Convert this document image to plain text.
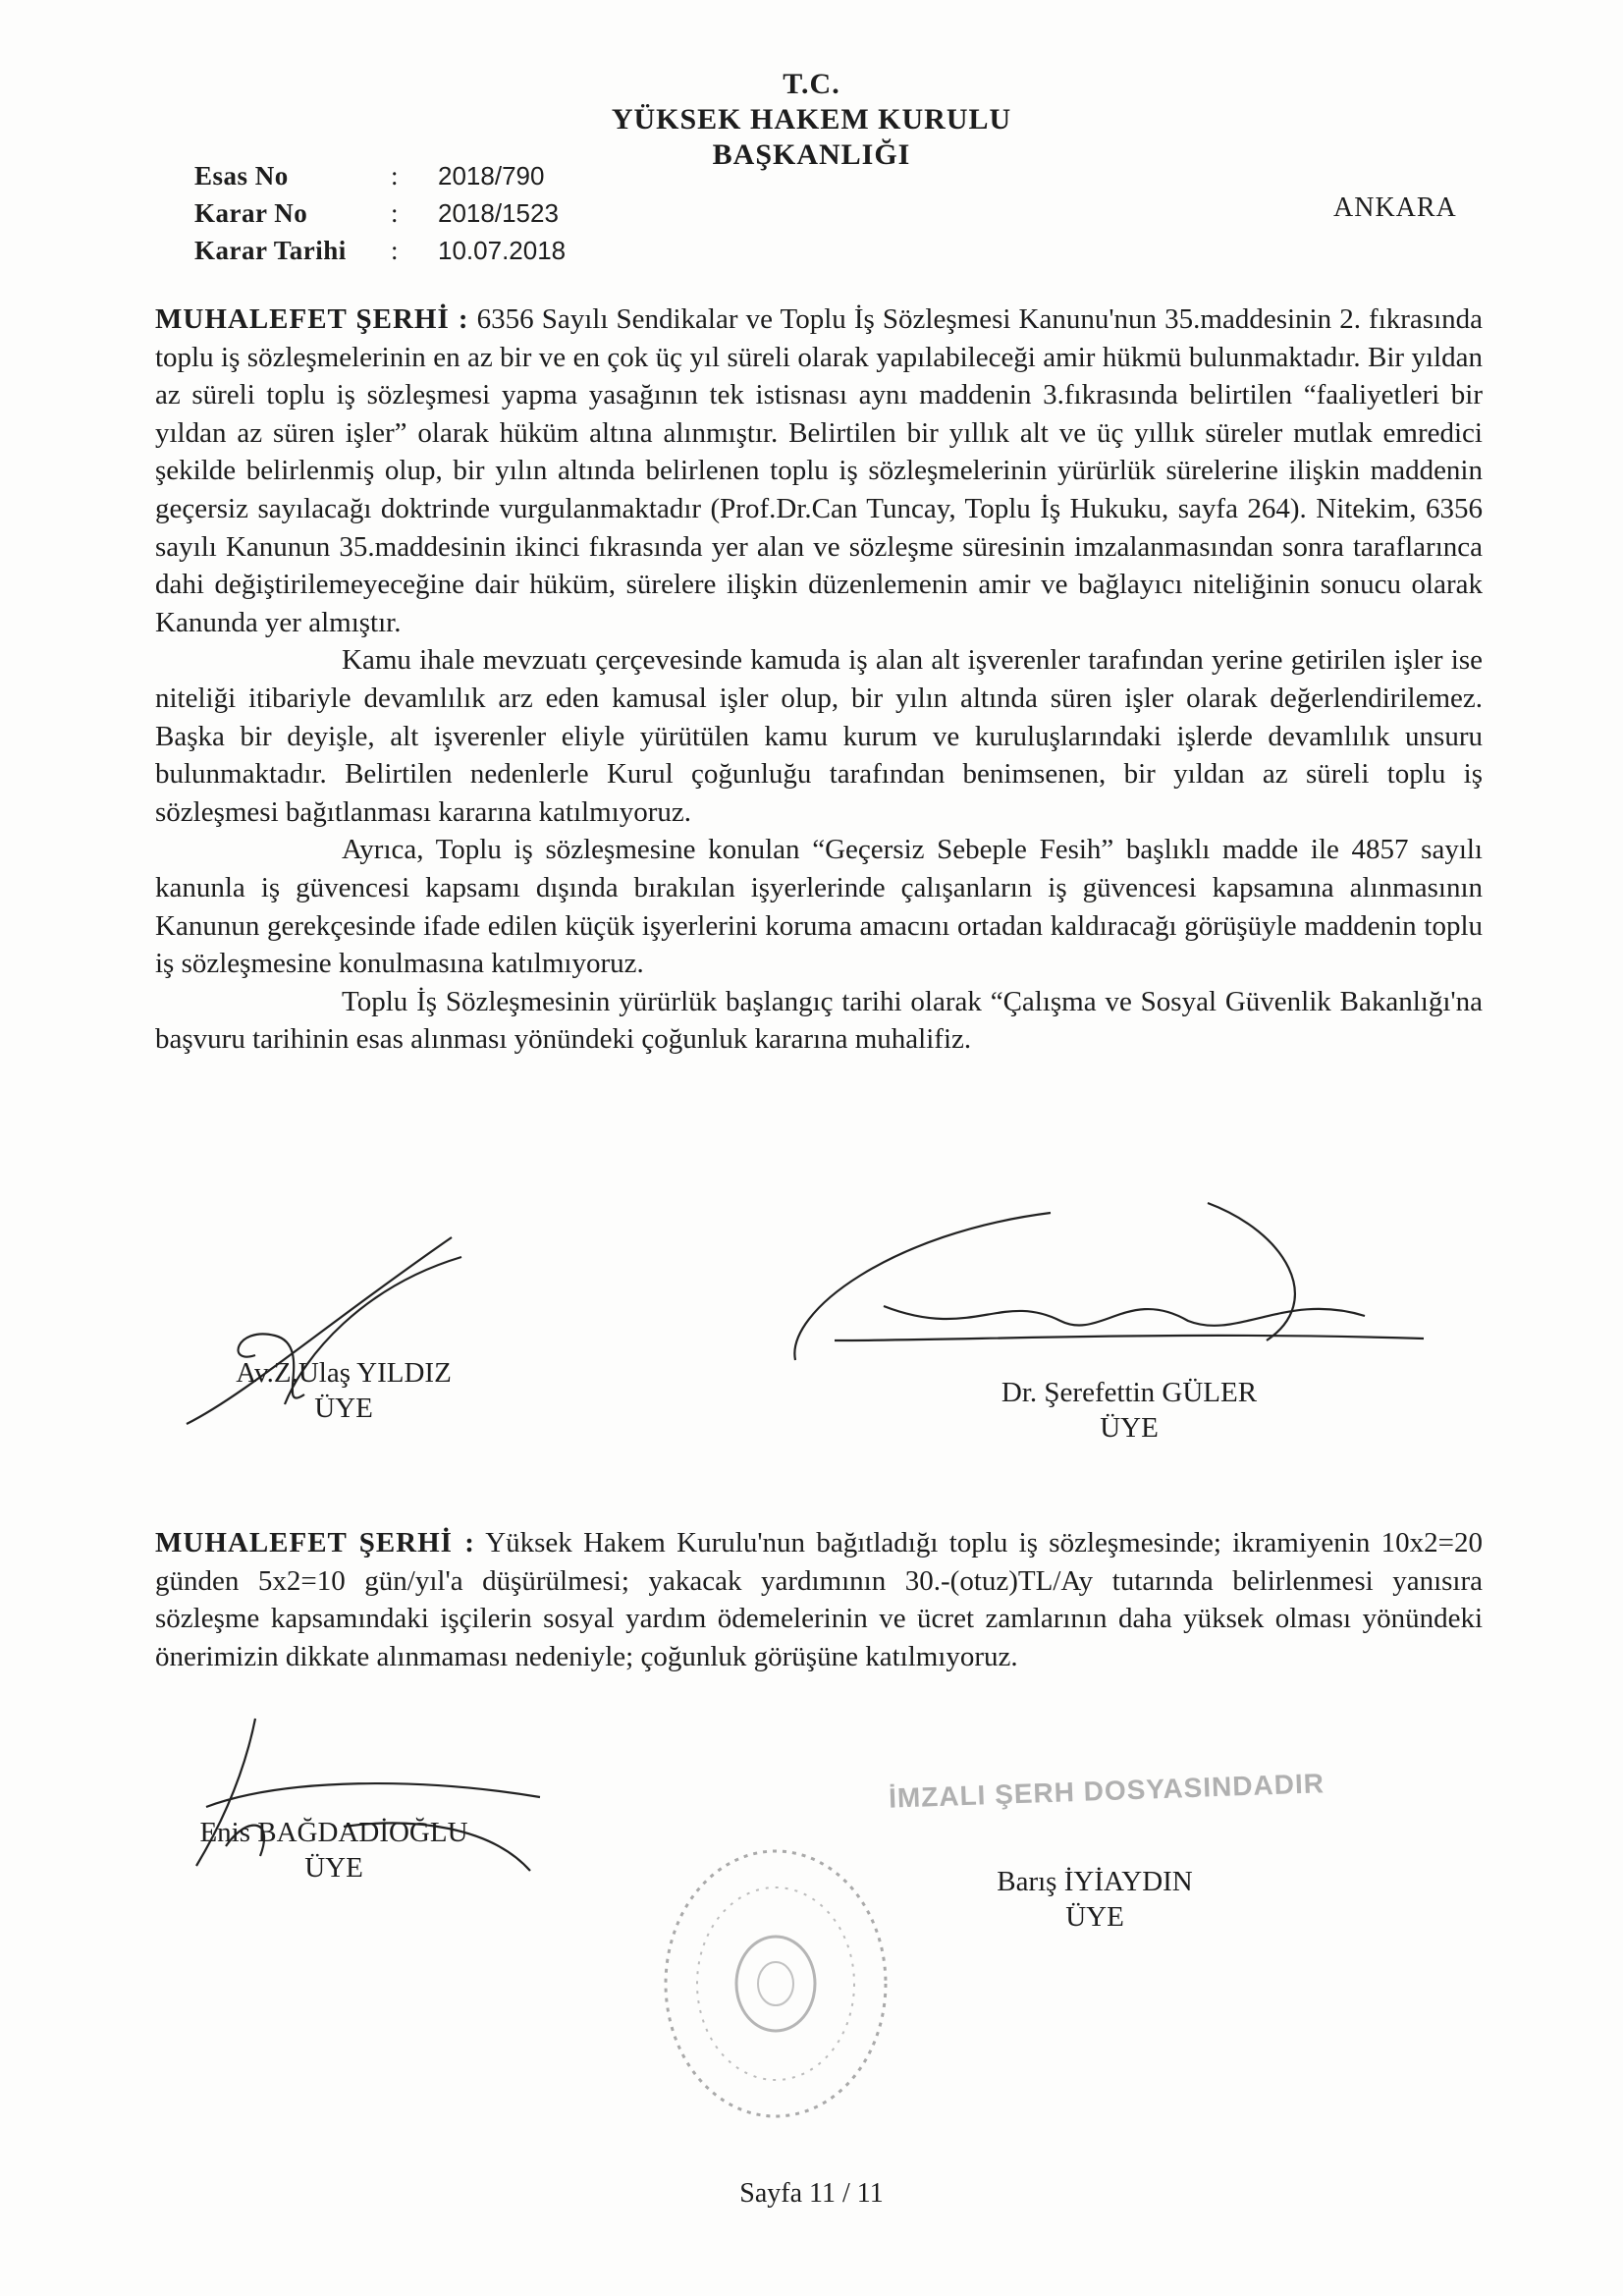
T.C.
YÜKSEK HAKEM KURULU
BAŞKANLIĞI
Esas No	:	2018/790
Karar No	:	2018/1523
Karar Tarihi	:	10.07.2018
ANKARA

MUHALEFET ŞERHİ : 6356 Sayılı Sendikalar ve Toplu İş Sözleşmesi Kanunu'nun 35.maddesinin 2. fıkrasında toplu iş sözleşmelerinin en az bir ve en çok üç yıl süreli olarak yapılabileceği amir hükmü bulunmaktadır. Bir yıldan az süreli toplu iş sözleşmesi yapma yasağının tek istisnası aynı maddenin 3.fıkrasında belirtilen “faaliyetleri bir yıldan az süren işler” olarak hüküm altına alınmıştır. Belirtilen bir yıllık alt ve üç yıllık süreler mutlak emredici şekilde belirlenmiş olup, bir yılın altında belirlenen toplu iş sözleşmelerinin yürürlük sürelerine ilişkin maddenin geçersiz sayılacağı doktrinde vurgulanmaktadır (Prof.Dr.Can Tuncay, Toplu İş Hukuku, sayfa 264). Nitekim, 6356 sayılı Kanunun 35.maddesinin ikinci fıkrasında yer alan ve sözleşme süresinin imzalanmasından sonra taraflarınca dahi değiştirilemeyeceğine dair hüküm, sürelere ilişkin düzenlemenin amir ve bağlayıcı niteliğinin sonucu olarak Kanunda yer almıştır.

Kamu ihale mevzuatı çerçevesinde kamuda iş alan alt işverenler tarafından yerine getirilen işler ise niteliği itibariyle devamlılık arz eden kamusal işler olup, bir yılın altında süren işler olarak değerlendirilemez. Başka bir deyişle, alt işverenler eliyle yürütülen kamu kurum ve kuruluşlarındaki işlerde devamlılık unsuru bulunmaktadır. Belirtilen nedenlerle Kurul çoğunluğu tarafından benimsenen, bir yıldan az süreli toplu iş sözleşmesi bağıtlanması kararına katılmıyoruz.

Ayrıca, Toplu iş sözleşmesine konulan “Geçersiz Sebeple Fesih” başlıklı madde ile 4857 sayılı kanunla iş güvencesi kapsamı dışında bırakılan işyerlerinde çalışanların iş güvencesi kapsamına alınmasının Kanunun gerekçesinde ifade edilen küçük işyerlerini koruma amacını ortadan kaldıracağı görüşüyle maddenin toplu iş sözleşmesine konulmasına katılmıyoruz.

Toplu İş Sözleşmesinin yürürlük başlangıç tarihi olarak “Çalışma ve Sosyal Güvenlik Bakanlığı'na başvuru tarihinin esas alınması yönündeki çoğunluk kararına muhalifiz.

Av.Z.Ulaş YILDIZ
ÜYE	Dr. Şerefettin GÜLER
ÜYE

MUHALEFET ŞERHİ : Yüksek Hakem Kurulu'nun bağıtladığı toplu iş sözleşmesinde; ikramiyenin 10x2=20 günden 5x2=10 gün/yıl'a düşürülmesi; yakacak yardımının 30.-(otuz)TL/Ay tutarında belirlenmesi yanısıra sözleşme kapsamındaki işçilerin sosyal yardım ödemelerinin ve ücret zamlarının daha yüksek olması yönündeki önerimizin dikkate alınmaması nedeniyle; çoğunluk görüşüne katılmıyoruz.

Enis BAĞDADİOĞLU
ÜYE
İMZALI ŞERH DOSYASINDADIR
Barış İYİAYDIN
ÜYE
Sayfa 11 / 11
